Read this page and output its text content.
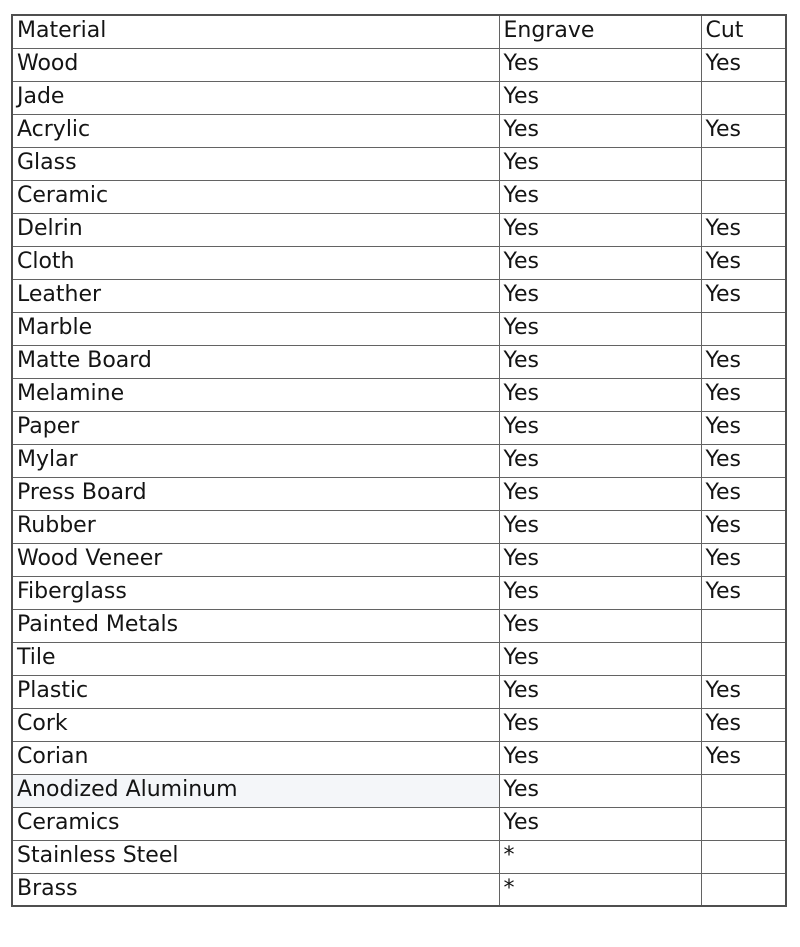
Material	Engrave	Cut
Wood	Yes	Yes
Jade	Yes	
Acrylic	Yes	Yes
Glass	Yes	
Ceramic	Yes	
Delrin	Yes	Yes
Cloth	Yes	Yes
Leather	Yes	Yes
Marble	Yes	
Matte Board	Yes	Yes
Melamine	Yes	Yes
Paper	Yes	Yes
Mylar	Yes	Yes
Press Board	Yes	Yes
Rubber	Yes	Yes
Wood Veneer	Yes	Yes
Fiberglass	Yes	Yes
Painted Metals	Yes	
Tile	Yes	
Plastic	Yes	Yes
Cork	Yes	Yes
Corian	Yes	Yes
Anodized Aluminum	Yes	
Ceramics	Yes	
Stainless Steel	*	
Brass	*	
